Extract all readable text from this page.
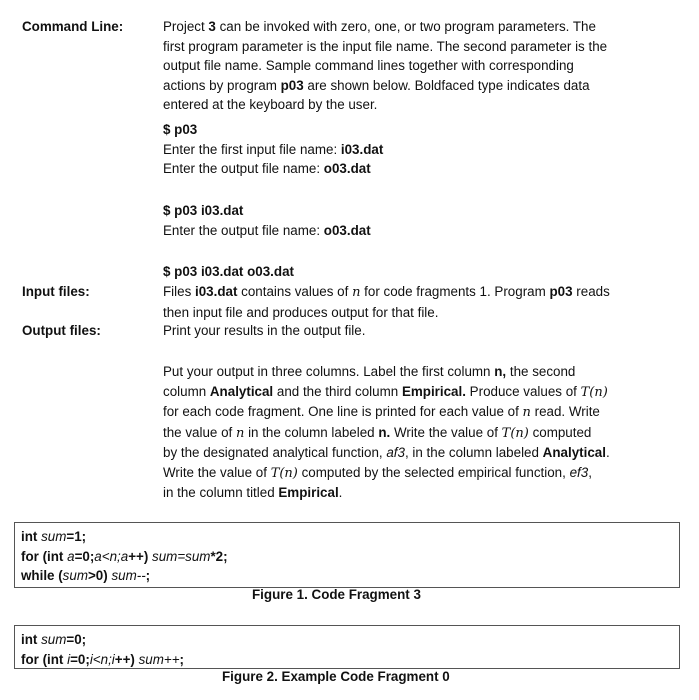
Command Line:
Input files:
Output files:
Project 3 can be invoked with zero, one, or two program parameters. The
first program parameter is the input file name. The second parameter is the
output file name. Sample command lines together with corresponding
actions by program p03 are shown below. Boldfaced type indicates data
entered at the keyboard by the user.
$ p03
Enter the first input file name: i03.dat
Enter the output file name: o03.dat
$ p03 i03.dat
Enter the output file name: o03.dat
$ p03 i03.dat o03.dat
Files i03.dat contains values of n for code fragments 1. Program p03 reads
then input file and produces output for that file.
Print your results in the output file.
Put your output in three columns. Label the first column n, the second
column Analytical and the third column Empirical. Produce values of T(n)
for each code fragment. One line is printed for each value of n read. Write
the value of n in the column labeled n. Write the value of T(n) computed
by the designated analytical function, af3, in the column labeled Analytical.
Write the value of T(n) computed by the selected empirical function, ef3,
in the column titled Empirical.
int sum=1;
for (int a=0;a<n;a++) sum=sum*2;
while (sum>0) sum--;
Figure 1. Code Fragment 3
int sum=0;
for (int i=0;i<n;i++) sum++;
Figure 2. Example Code Fragment 0
